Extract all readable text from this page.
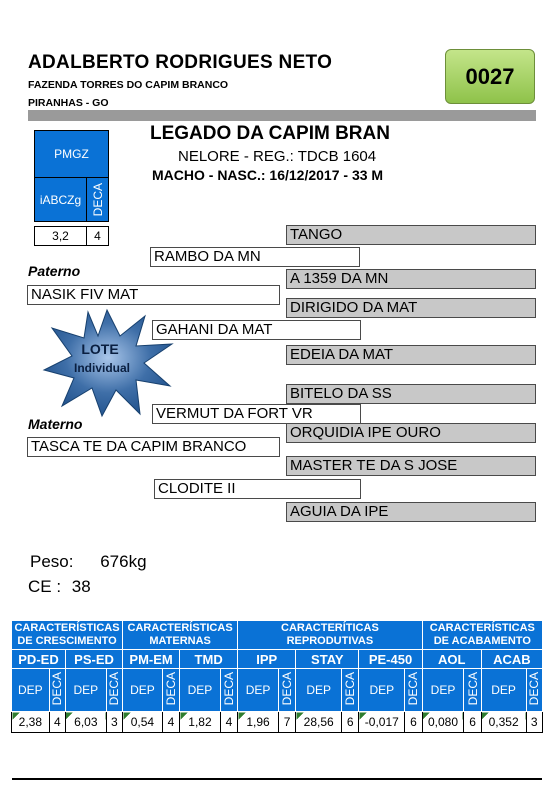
ADALBERTO RODRIGUES NETO
FAZENDA TORRES DO CAPIM BRANCO
PIRANHAS - GO
0027
LEGADO DA CAPIM BRAN
NELORE - REG.: TDCB 1604
MACHO - NASC.: 16/12/2017 - 33 M
PMGZ
iABCZg DECA
3,2	4
LOTE
Individual
TANGO
RAMBO DA MN
Paterno	A 1359 DA MN
NASIK FIV MAT
DIRIGIDO DA MAT
GAHANI DA MAT
EDEIA DA MAT
BITELO DA SS
VERMUT DA FORT VR
Materno	ORQUIDIA IPE OURO
TASCA TE DA CAPIM BRANCO
MASTER TE DA S JOSE
CLODITE II
AGUIA DA IPE
Peso: 676kg
CE : 38
CARACTERÍSTICAS DE CRESCIMENTO				CARACTERÍSTICAS MATERNAS				CARACTERÍTICAS REPRODUTIVAS						CARACTERÍSTICAS DE ACABAMENTO			
PD-ED		PS-ED		PM-EM		TMD		IPP		STAY		PE-450		AOL		ACAB	
DEP	DECA	DEP	DECA	DEP	DECA	DEP	DECA	DEP	DECA	DEP	DECA	DEP	DECA	DEP	DECA	DEP	DECA
2,38	4	6,03	3	0,54	4	1,82	4	1,96	7	28,56	6	-0,017	6	0,080	6	0,352	3
